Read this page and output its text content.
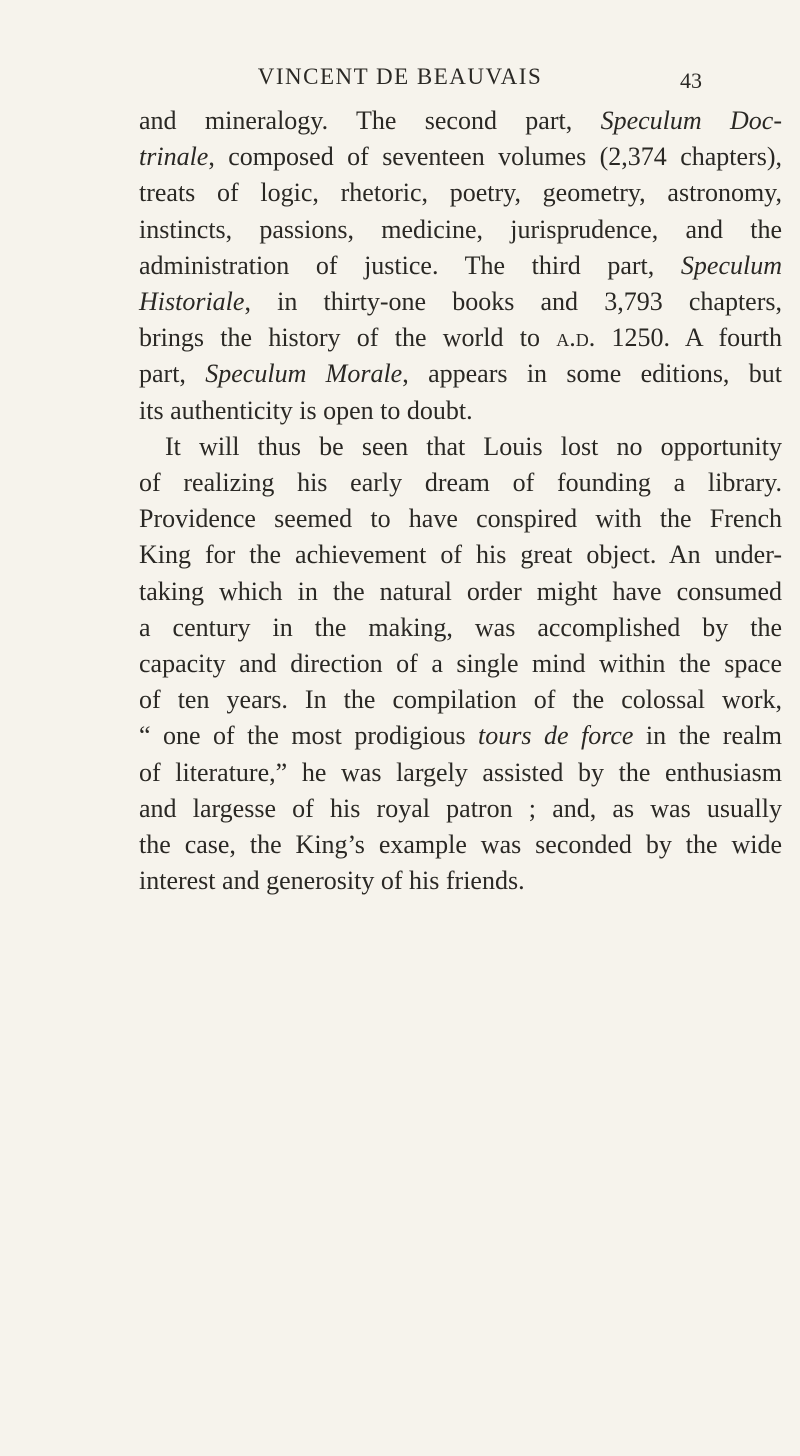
VINCENT DE BEAUVAIS	43
and mineralogy. The second part, Speculum Doc-
trinale, composed of seventeen volumes (2,374 chapters),
treats of logic, rhetoric, poetry, geometry, astronomy,
instincts, passions, medicine, jurisprudence, and the
administration of justice. The third part, Speculum
Historiale, in thirty-one books and 3,793 chapters,
brings the history of the world to a.d. 1250. A fourth
part, Speculum Morale, appears in some editions, but
its authenticity is open to doubt.
It will thus be seen that Louis lost no opportunity
of realizing his early dream of founding a library.
Providence seemed to have conspired with the French
King for the achievement of his great object. An under-
taking which in the natural order might have consumed
a century in the making, was accomplished by the
capacity and direction of a single mind within the space
of ten years. In the compilation of the colossal work,
“ one of the most prodigious tours de force in the realm
of literature,” he was largely assisted by the enthusiasm
and largesse of his royal patron ; and, as was usually
the case, the King’s example was seconded by the wide
interest and generosity of his friends.
